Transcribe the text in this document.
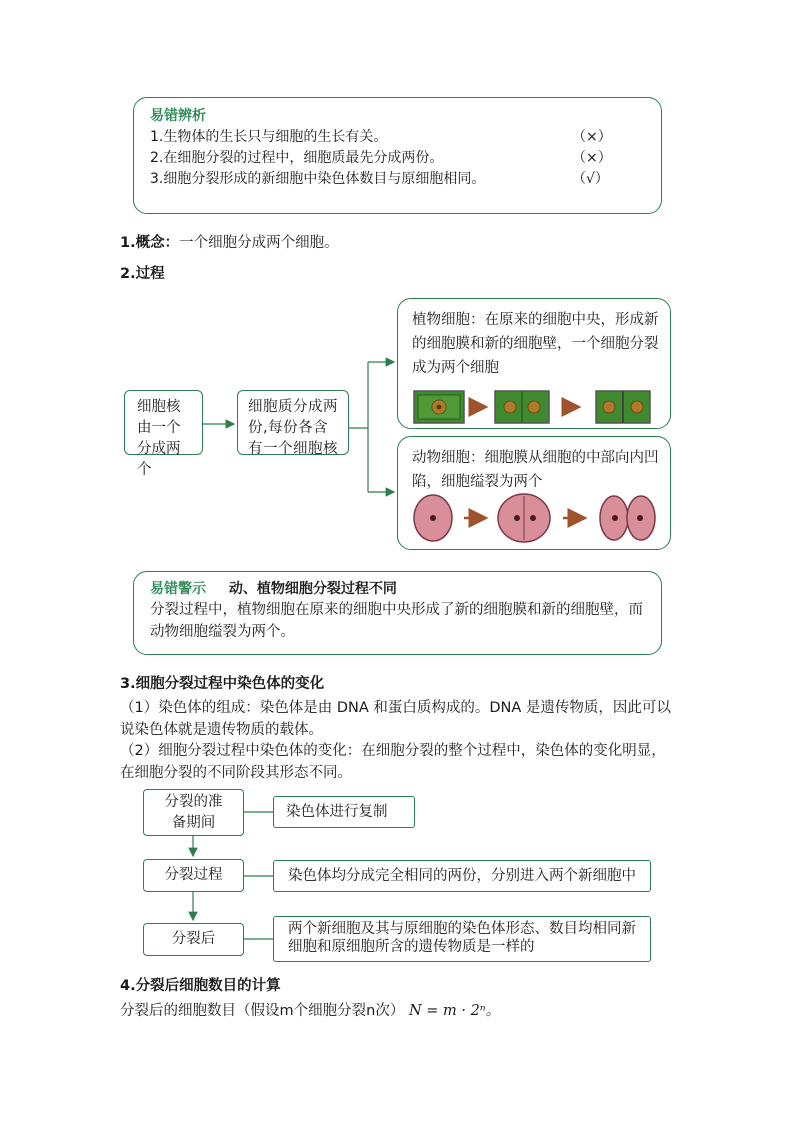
易错辨析
1.生物体的生长只与细胞的生长有关。	（×）
2.在细胞分裂的过程中，细胞质最先分成两份。	（×）
3.细胞分裂形成的新细胞中染色体数目与原细胞相同。	（√）
1.概念：一个细胞分成两个细胞。
2.过程
细胞核由一个分成两个
细胞质分成两份,每份各含有一个细胞核
植物细胞：在原来的细胞中央，形成新的细胞膜和新的细胞壁，一个细胞分裂成为两个细胞
动物细胞：细胞膜从细胞的中部向内凹陷，细胞缢裂为两个
易错警示 动、植物细胞分裂过程不同
分裂过程中，植物细胞在原来的细胞中央形成了新的细胞膜和新的细胞壁，而动物细胞缢裂为两个。
3.细胞分裂过程中染色体的变化
（1）染色体的组成：染色体是由 DNA 和蛋白质构成的。DNA 是遗传物质，因此可以说染色体就是遗传物质的载体。
（2）细胞分裂过程中染色体的变化：在细胞分裂的整个过程中，染色体的变化明显，在细胞分裂的不同阶段其形态不同。
分裂的准备期间
染色体进行复制
分裂过程	染色体均分成完全相同的两份，分别进入两个新细胞中
分裂后
两个新细胞及其与原细胞的染色体形态、数目均相同新细胞和原细胞所含的遗传物质是一样的
4.分裂后细胞数目的计算
分裂后的细胞数目（假设m个细胞分裂n次） N = m · 2ⁿ。
